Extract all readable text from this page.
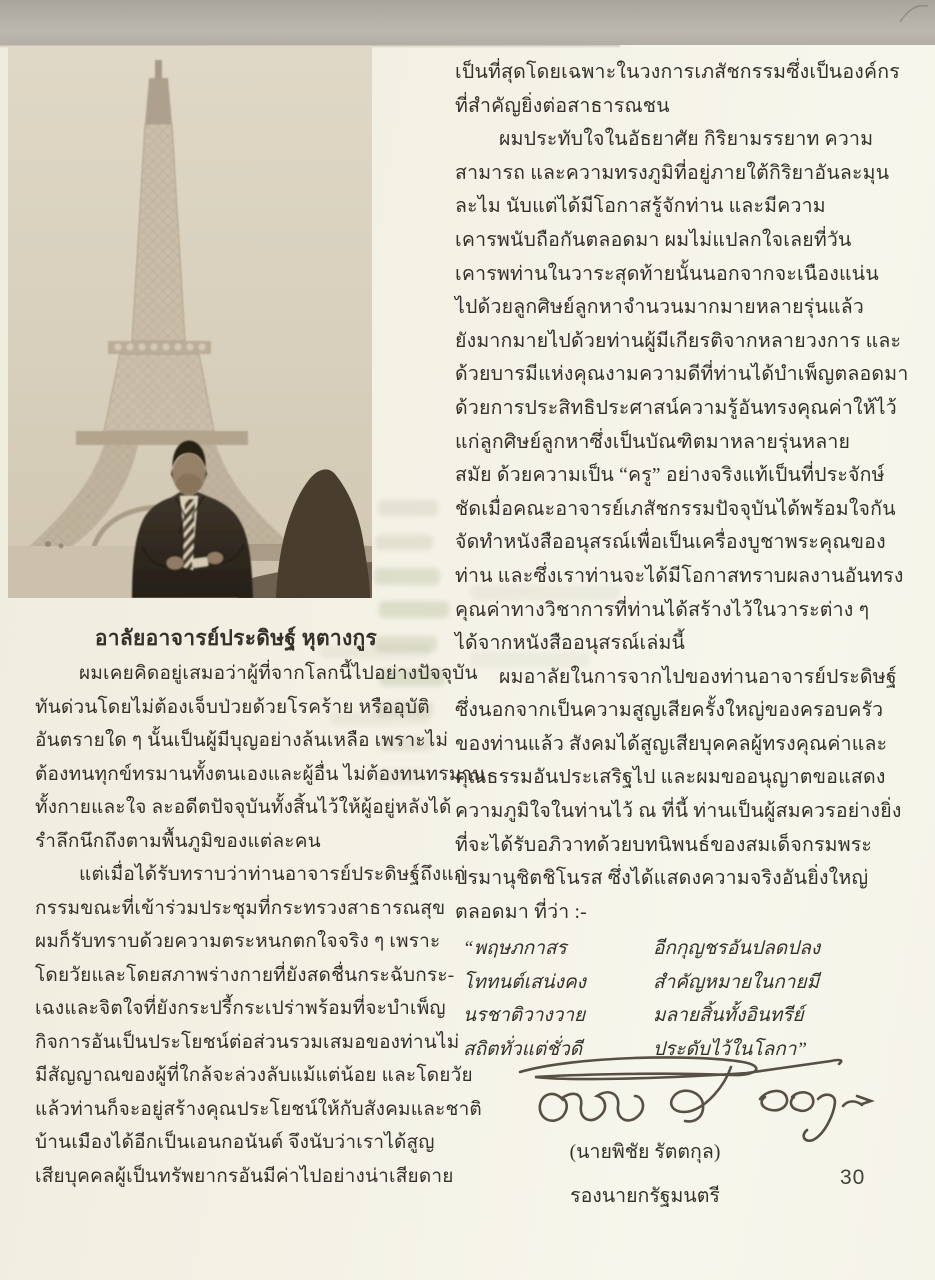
อาลัยอาจารย์ประดิษฐ์ หุตางกูร
ผมเคยคิดอยู่เสมอว่าผู้ที่จากโลกนี้ไปอย่างปัจจุบัน
ทันด่วนโดยไม่ต้องเจ็บป่วยด้วยโรคร้าย หรืออุบัติ
อันตรายใด ๆ นั้นเป็นผู้มีบุญอย่างล้นเหลือ เพราะไม่
ต้องทนทุกข์ทรมานทั้งตนเองและผู้อื่น ไม่ต้องทนทรมาน
ทั้งกายและใจ ละอดีตปัจจุบันทั้งสิ้นไว้ให้ผู้อยู่หลังได้
รำลึกนึกถึงตามพื้นภูมิของแต่ละคน
แต่เมื่อได้รับทราบว่าท่านอาจารย์ประดิษฐ์ถึงแก่
กรรมขณะที่เข้าร่วมประชุมที่กระทรวงสาธารณสุข
ผมก็รับทราบด้วยความตระหนกตกใจจริง ๆ เพราะ
โดยวัยและโดยสภาพร่างกายที่ยังสดชื่นกระฉับกระ-
เฉงและจิตใจที่ยังกระปรี้กระเปร่าพร้อมที่จะบำเพ็ญ
กิจการอันเป็นประโยชน์ต่อส่วนรวมเสมอของท่านไม่
มีสัญญาณของผู้ที่ใกล้จะล่วงลับแม้แต่น้อย และโดยวัย
แล้วท่านก็จะอยู่สร้างคุณประโยชน์ให้กับสังคมและชาติ
บ้านเมืองได้อีกเป็นเอนกอนันต์ จึงนับว่าเราได้สูญ
เสียบุคคลผู้เป็นทรัพยากรอันมีค่าไปอย่างน่าเสียดาย
เป็นที่สุดโดยเฉพาะในวงการเภสัชกรรมซึ่งเป็นองค์กร
ที่สำคัญยิ่งต่อสาธารณชน
ผมประทับใจในอัธยาศัย กิริยามรรยาท ความ
สามารถ และความทรงภูมิที่อยู่ภายใต้กิริยาอันละมุน
ละไม นับแต่ได้มีโอกาสรู้จักท่าน และมีความ
เคารพนับถือกันตลอดมา ผมไม่แปลกใจเลยที่วัน
เคารพท่านในวาระสุดท้ายนั้นนอกจากจะเนืองแน่น
ไปด้วยลูกศิษย์ลูกหาจำนวนมากมายหลายรุ่นแล้ว
ยังมากมายไปด้วยท่านผู้มีเกียรติจากหลายวงการ และ
ด้วยบารมีแห่งคุณงามความดีที่ท่านได้บำเพ็ญตลอดมา
ด้วยการประสิทธิประศาสน์ความรู้อันทรงคุณค่าให้ไว้
แก่ลูกศิษย์ลูกหาซึ่งเป็นบัณฑิตมาหลายรุ่นหลาย
สมัย ด้วยความเป็น “ครู” อย่างจริงแท้เป็นที่ประจักษ์
ชัดเมื่อคณะอาจารย์เภสัชกรรมปัจจุบันได้พร้อมใจกัน
จัดทำหนังสืออนุสรณ์เพื่อเป็นเครื่องบูชาพระคุณของ
ท่าน และซึ่งเราท่านจะได้มีโอกาสทราบผลงานอันทรง
คุณค่าทางวิชาการที่ท่านได้สร้างไว้ในวาระต่าง ๆ
ได้จากหนังสืออนุสรณ์เล่มนี้
ผมอาลัยในการจากไปของท่านอาจารย์ประดิษฐ์
ซึ่งนอกจากเป็นความสูญเสียครั้งใหญ่ของครอบครัว
ของท่านแล้ว สังคมได้สูญเสียบุคคลผู้ทรงคุณค่าและ
คุณธรรมอันประเสริฐไป และผมขออนุญาตขอแสดง
ความภูมิใจในท่านไว้ ณ ที่นี้ ท่านเป็นผู้สมควรอย่างยิ่ง
ที่จะได้รับอภิวาทด้วยบทนิพนธ์ของสมเด็จกรมพระ
ปรมานุชิตชิโนรส ซึ่งได้แสดงความจริงอันยิ่งใหญ่
ตลอดมา ที่ว่า :-
“พฤษภกาสร	อีกกุญชรอันปลดปลง
โททนต์เสน่งคง	สำคัญหมายในกายมี
นรชาติวางวาย	มลายสิ้นทั้งอินทรีย์
สถิตทั่วแต่ชั่วดี	ประดับไว้ในโลกา”
(นายพิชัย รัตตกุล)
รองนายกรัฐมนตรี
30
